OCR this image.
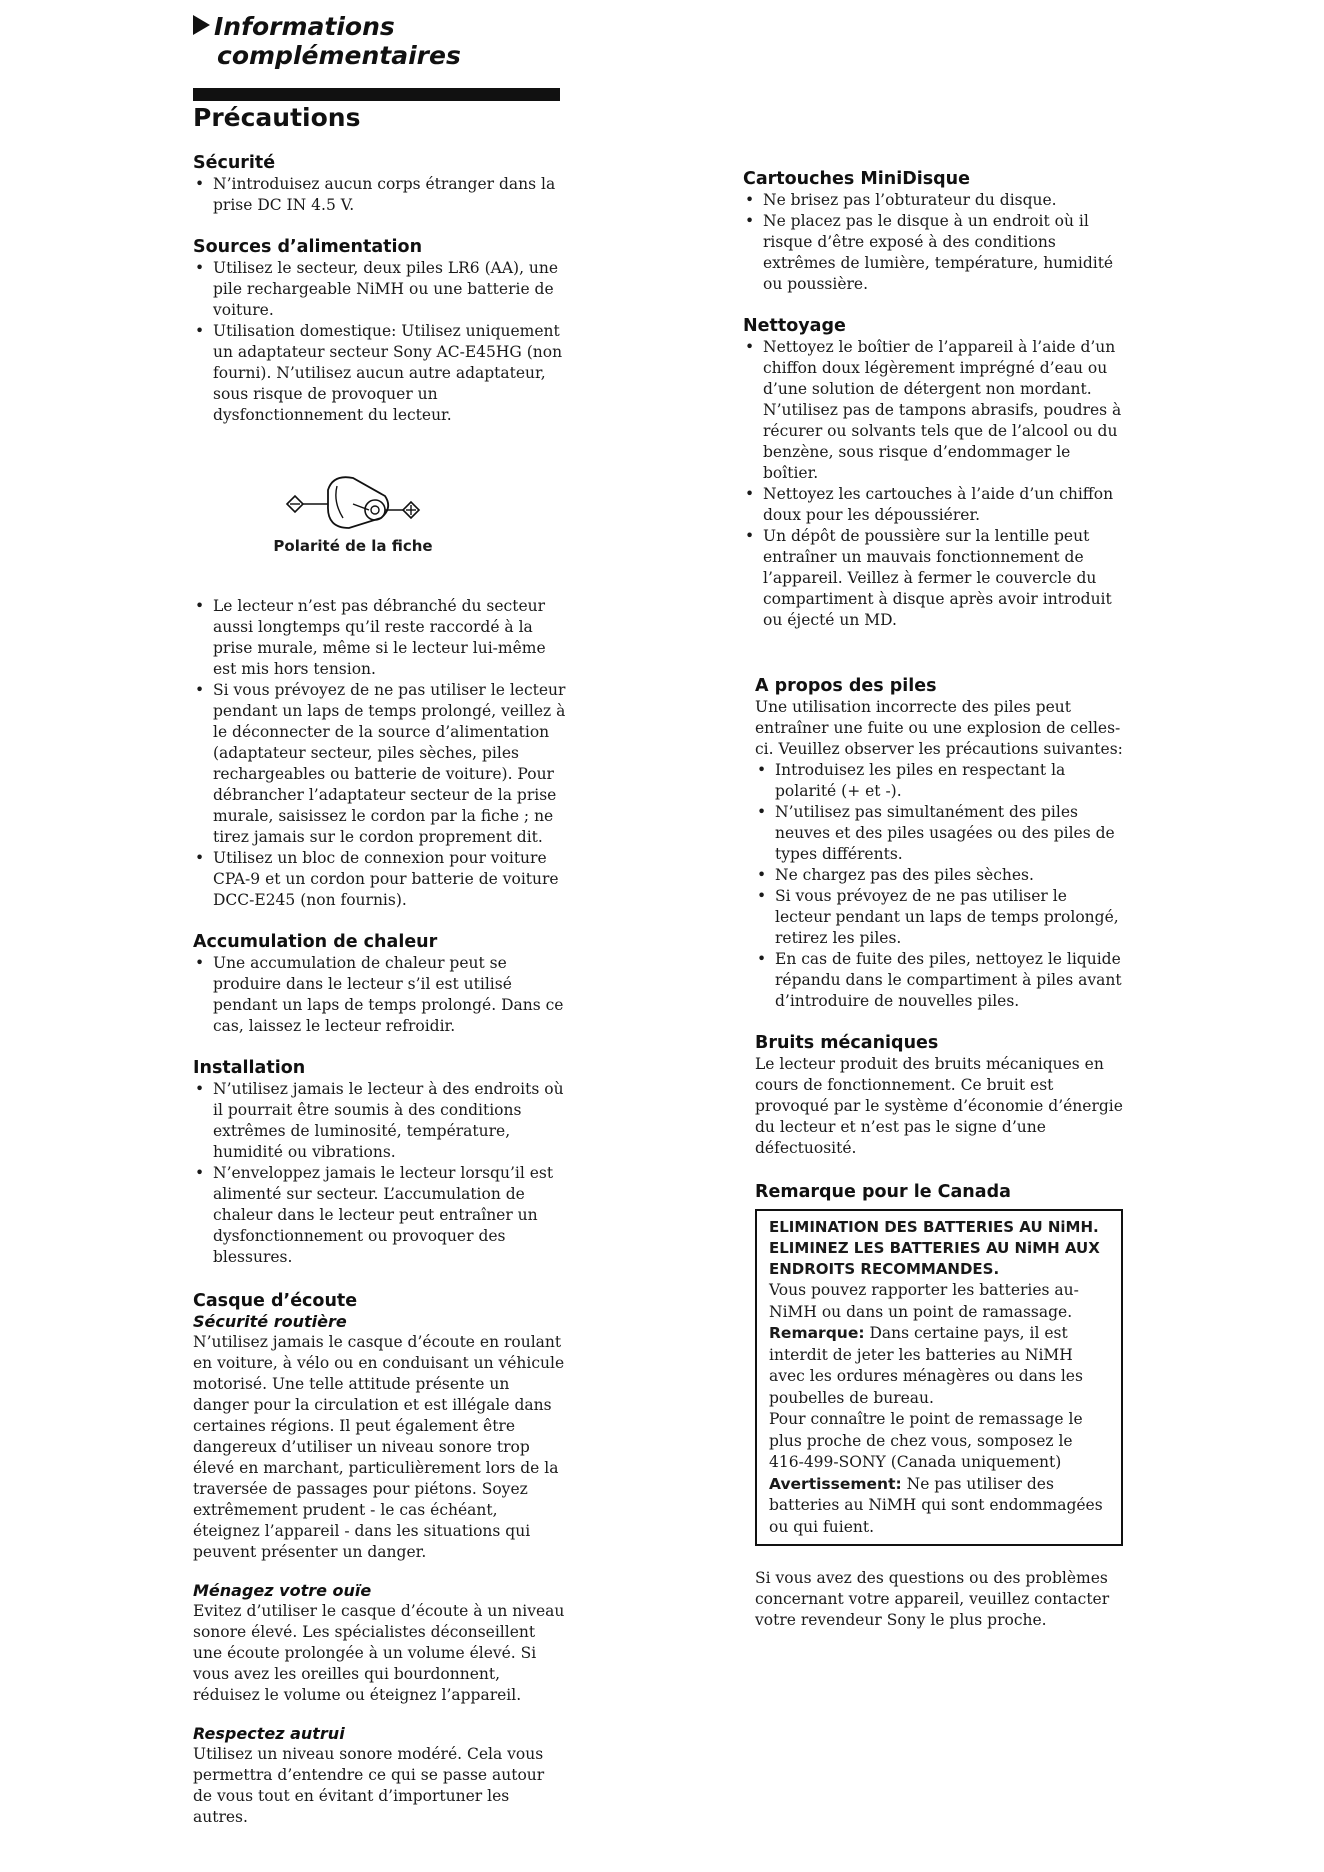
Informations
complémentaires
Précautions
Sécurité
• N’introduisez aucun corps étranger dans la prise DC IN 4.5 V.
Sources d’alimentation
• Utilisez le secteur, deux piles LR6 (AA), une pile rechargeable NiMH ou une batterie de voiture.
• Utilisation domestique: Utilisez uniquement un adaptateur secteur Sony AC-E45HG (non fourni). N’utilisez aucun autre adaptateur, sous risque de provoquer un dysfonctionnement du lecteur.
Polarité de la fiche
• Le lecteur n’est pas débranché du secteur aussi longtemps qu’il reste raccordé à la prise murale, même si le lecteur lui-même est mis hors tension.
• Si vous prévoyez de ne pas utiliser le lecteur pendant un laps de temps prolongé, veillez à le déconnecter de la source d’alimentation (adaptateur secteur, piles sèches, piles rechargeables ou batterie de voiture). Pour débrancher l’adaptateur secteur de la prise murale, saisissez le cordon par la fiche ; ne tirez jamais sur le cordon proprement dit.
• Utilisez un bloc de connexion pour voiture CPA-9 et un cordon pour batterie de voiture DCC-E245 (non fournis).
Accumulation de chaleur
• Une accumulation de chaleur peut se produire dans le lecteur s’il est utilisé pendant un laps de temps prolongé. Dans ce cas, laissez le lecteur refroidir.
Installation
• N’utilisez jamais le lecteur à des endroits où il pourrait être soumis à des conditions extrêmes de luminosité, température, humidité ou vibrations.
• N’enveloppez jamais le lecteur lorsqu’il est alimenté sur secteur. L’accumulation de chaleur dans le lecteur peut entraîner un dysfonctionnement ou provoquer des blessures.
Casque d’écoute
Sécurité routière

N’utilisez jamais le casque d’écoute en roulant en voiture, à vélo ou en conduisant un véhicule motorisé. Une telle attitude présente un danger pour la circulation et est illégale dans certaines régions. Il peut également être dangereux d’utiliser un niveau sonore trop élevé en marchant, particulièrement lors de la traversée de passages pour piétons. Soyez extrêmement prudent - le cas échéant, éteignez l’appareil - dans les situations qui peuvent présenter un danger.

Ménagez votre ouïe

Evitez d’utiliser le casque d’écoute à un niveau sonore élevé. Les spécialistes déconseillent une écoute prolongée à un volume élevé. Si vous avez les oreilles qui bourdonnent, réduisez le volume ou éteignez l’appareil.

Respectez autrui

Utilisez un niveau sonore modéré. Cela vous permettra d’entendre ce qui se passe autour de vous tout en évitant d’importuner les autres.

Cartouches MiniDisque
• Ne brisez pas l’obturateur du disque.
• Ne placez pas le disque à un endroit où il risque d’être exposé à des conditions extrêmes de lumière, température, humidité ou poussière.
Nettoyage
• Nettoyez le boîtier de l’appareil à l’aide d’un chiffon doux légèrement imprégné d’eau ou d’une solution de détergent non mordant. N’utilisez pas de tampons abrasifs, poudres à récurer ou solvants tels que de l’alcool ou du benzène, sous risque d’endommager le boîtier.
• Nettoyez les cartouches à l’aide d’un chiffon doux pour les dépoussiérer.
• Un dépôt de poussière sur la lentille peut entraîner un mauvais fonctionnement de l’appareil. Veillez à fermer le couvercle du compartiment à disque après avoir introduit ou éjecté un MD.
A propos des piles

Une utilisation incorrecte des piles peut entraîner une fuite ou une explosion de celles-ci. Veuillez observer les précautions suivantes:

• Introduisez les piles en respectant la polarité (+ et -).
• N’utilisez pas simultanément des piles neuves et des piles usagées ou des piles de types différents.
• Ne chargez pas des piles sèches.
• Si vous prévoyez de ne pas utiliser le lecteur pendant un laps de temps prolongé, retirez les piles.
• En cas de fuite des piles, nettoyez le liquide répandu dans le compartiment à piles avant d’introduire de nouvelles piles.
Bruits mécaniques

Le lecteur produit des bruits mécaniques en cours de fonctionnement. Ce bruit est provoqué par le système d’économie d’énergie du lecteur et n’est pas le signe d’une défectuosité.

Remarque pour le Canada
ELIMINATION DES BATTERIES AU NiMH. ELIMINEZ LES BATTERIES AU NiMH AUX ENDROITS RECOMMANDES.

Vous pouvez rapporter les batteries au-NiMH ou dans un point de ramassage.

Remarque: Dans certaine pays, il est interdit de jeter les batteries au NiMH avec les ordures ménagères ou dans les poubelles de bureau.

Pour connaître le point de remassage le plus proche de chez vous, somposez le 416-499-SONY (Canada uniquement)

Avertissement: Ne pas utiliser des batteries au NiMH qui sont endommagées ou qui fuient.

Si vous avez des questions ou des problèmes concernant votre appareil, veuillez contacter votre revendeur Sony le plus proche.
